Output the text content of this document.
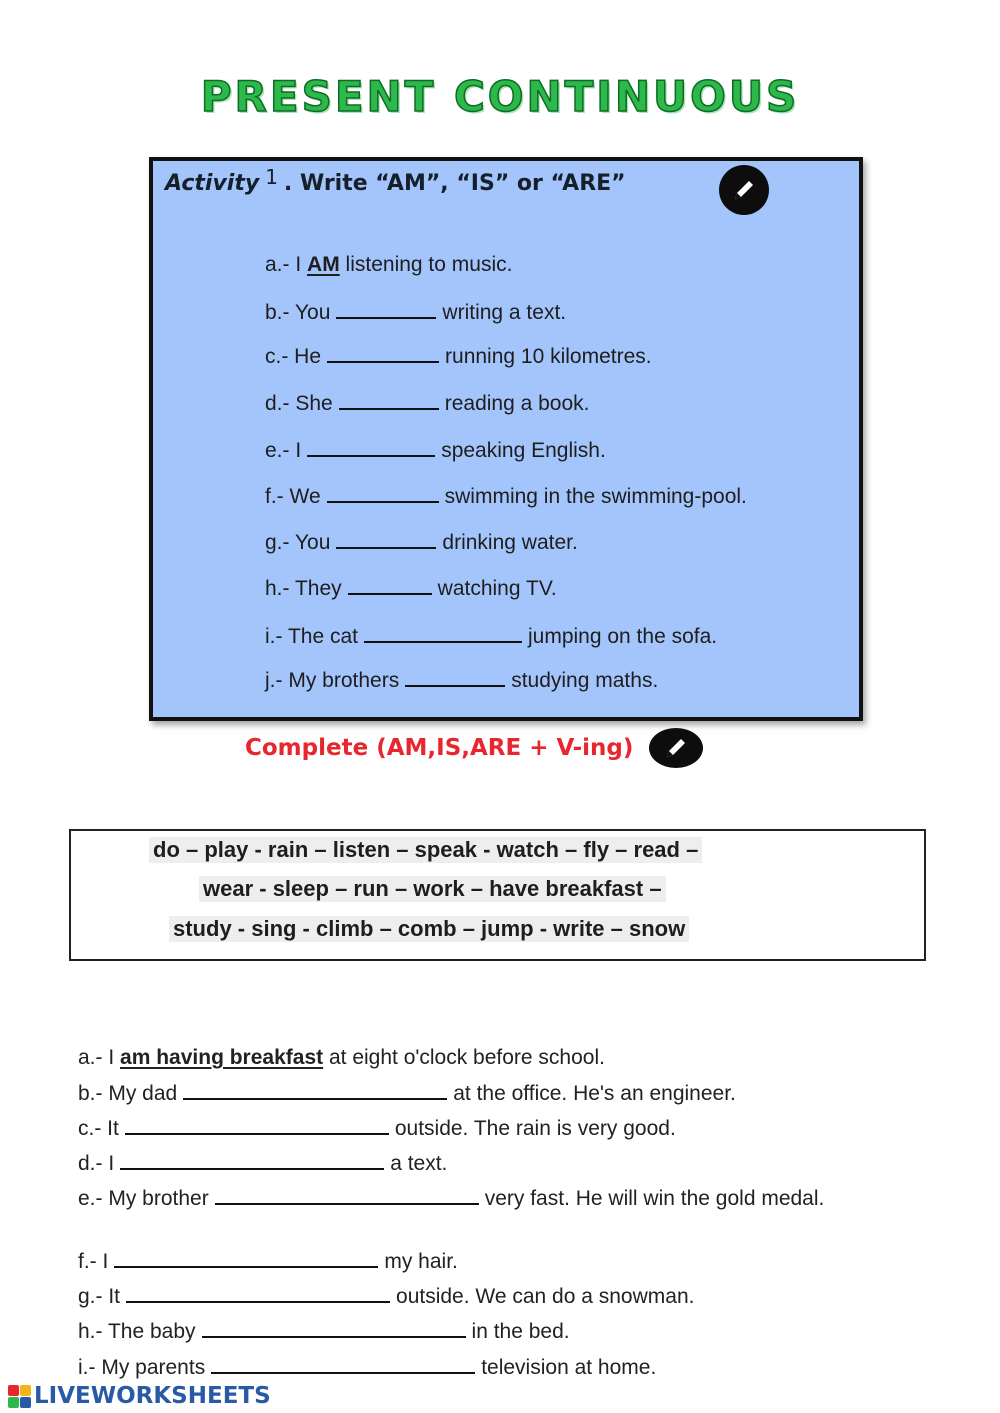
PRESENT CONTINUOUS
Activity 1 . Write “AM”, “IS” or “ARE”
a.- I AM listening to music.
b.- You	writing a text.
c.- He	running 10 kilometres.
d.- She	reading a book.
e.- I	speaking English.
f.- We	swimming in the swimming-pool.
g.- You	drinking water.
h.- They	watching TV.
i.- The cat	jumping on the sofa.
j.- My brothers	studying maths.
Complete (AM,IS,ARE + V-ing)
do – play - rain – listen – speak - watch – fly – read –
wear - sleep – run – work – have breakfast –
study - sing - climb – comb – jump - write – snow
a.- I am having breakfast at eight o'clock before school.
b.- My dad	at the office. He's an engineer.
c.- It	outside. The rain is very good.
d.- I	a text.
e.- My brother	very fast. He will win the gold medal.
f.- I	my hair.
g.- It	outside. We can do a snowman.
h.- The baby	in the bed.
i.- My parents	television at home.
LIVEWORKSHEETS
